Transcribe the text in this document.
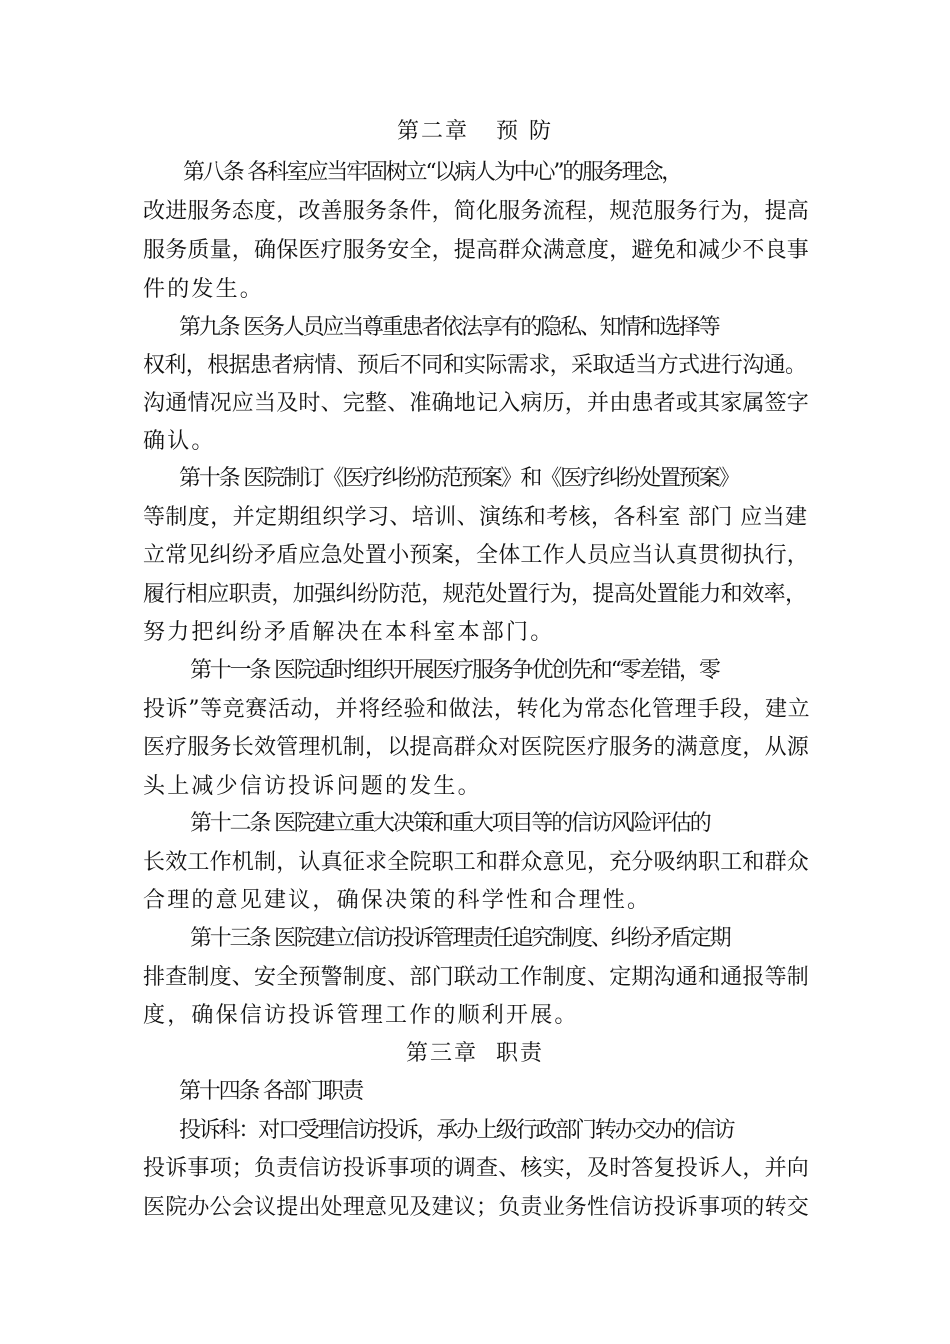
第二章   预 防
第八条 各科室应当牢固树立“以病人为中心”的服务理念，
改进服务态度，改善服务条件，简化服务流程，规范服务行为，提高
服务质量，确保医疗服务安全，提高群众满意度，避免和减少不良事
件的发生。
第九条 医务人员应当尊重患者依法享有的隐私、知情和选择等
权利，根据患者病情、预后不同和实际需求，采取适当方式进行沟通。
沟通情况应当及时、完整、准确地记入病历，并由患者或其家属签字
确认。
第十条 医院制订《医疗纠纷防范预案》和《医疗纠纷处置预案》
等制度，并定期组织学习、培训、演练和考核，各科室 部门 应当建
立常见纠纷矛盾应急处置小预案，全体工作人员应当认真贯彻执行，
履行相应职责，加强纠纷防范，规范处置行为，提高处置能力和效率，
努力把纠纷矛盾解决在本科室本部门。
第十一条 医院适时组织开展医疗服务争优创先和“零差错，零
投诉”等竞赛活动，并将经验和做法，转化为常态化管理手段，建立
医疗服务长效管理机制，以提高群众对医院医疗服务的满意度，从源
头上减少信访投诉问题的发生。
第十二条 医院建立重大决策和重大项目等的信访风险评估的
长效工作机制，认真征求全院职工和群众意见，充分吸纳职工和群众
合理的意见建议，确保决策的科学性和合理性。
第十三条 医院建立信访投诉管理责任追究制度、纠纷矛盾定期
排查制度、安全预警制度、部门联动工作制度、定期沟通和通报等制
度，确保信访投诉管理工作的顺利开展。
第三章  职责
第十四条 各部门职责
投诉科：对口受理信访投诉，承办上级行政部门转办交办的信访
投诉事项；负责信访投诉事项的调查、核实，及时答复投诉人，并向
医院办公会议提出处理意见及建议；负责业务性信访投诉事项的转交
